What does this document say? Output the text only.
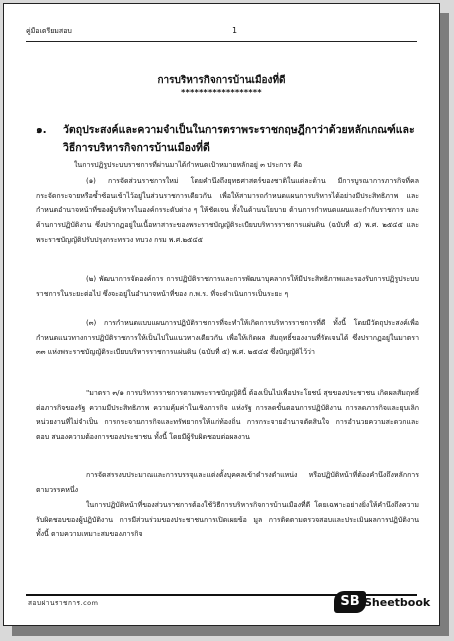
คู่มือเตรียมสอบ	1
การบริหารกิจการบ้านเมืองที่ดี
******************
๑. วัตถุประสงค์และความจำเป็นในการตราพระราชกฤษฎีกาว่าด้วยหลักเกณฑ์และวิธีการบริหารกิจการบ้านเมืองที่ดี
ในการปฏิรูประบบราชการที่ผ่านมาได้กำหนดเป้าหมายหลักอยู่ ๓ ประการ คือ
(๑) การจัดส่วนราชการใหม่ โดยคำนึงถึงยุทธศาสตร์ของชาติในแต่ละด้าน มีการบูรณาการภารกิจที่คลกระจัดกระจายหรือซ้ำซ้อนเข้าไว้อยู่ในส่วนราชการเดียวกัน เพื่อให้สามารถกำหนดแผนการบริหารได้อย่างมีประสิทธิภาพ และกำหนดอำนาจหน้าที่ของผู้บริหารในองค์กรระดับต่าง ๆ ให้ชัดเจน ทั้งในด้านนโยบาย ด้านการกำหนดแผนและกำกับราชการ และด้านการปฏิบัติงาน ซึ่งปรากฏอยู่ในเนื้อหาสาระของพระราชบัญญัติระเบียบบริหารราชการแผ่นดิน (ฉบับที่ ๕) พ.ศ. ๒๕๔๕ และพระราชบัญญัติปรับปรุงกระทรวง ทบวง กรม พ.ศ.๒๕๔๕
(๒) พัฒนาการจัดองค์การ การปฏิบัติราชการและการพัฒนาบุคลากรให้มีประสิทธิภาพและรองรับการปฏิรูประบบราชการในระยะต่อไป ซึ่งจะอยู่ในอำนาจหน้าที่ของ ก.พ.ร. ที่จะดำเนินการเป็นระยะ ๆ
(๓) การกำหนดแบบแผนการปฏิบัติราชการที่จะทำให้เกิดการบริหารราชการที่ดี ทั้งนี้ โดยมีวัตถุประสงค์เพื่อกำหนดแนวทางการปฏิบัติราชการให้เป็นไปในแนวทางเดียวกัน เพื่อให้เกิดผล สัมฤทธิ์ของงานที่รัดเจนได้ ซึ่งปรากฏอยู่ในมาตรา ๓๓ แห่งพระราชบัญญัติระเบียบบริหารราชการแผ่นดิน (ฉบับที่ ๕) พ.ศ. ๒๕๔๕ ซึ่งบัญญัติไว้ว่า
"มาตรา ๓/๑ การบริหารราชการตามพระราชบัญญัตินี้ ต้องเป็นไปเพื่อประโยชน์ สุขของประชาชน เกิดผลสัมฤทธิ์ต่อภารกิจของรัฐ ความมีประสิทธิภาพ ความคุ้มค่าในเชิงภารกิจ แห่งรัฐ การลดขั้นตอนการปฏิบัติงาน การลดภารกิจและยุบเลิกหน่วยงานที่ไม่จำเป็น การกระจายภารกิจและทรัพยากรให้แก่ท้องถิ่น การกระจายอำนาจตัดสินใจ การอำนวยความสะดวกและตอบ สนองความต้องการของประชาชน ทั้งนี้ โดยมีผู้รับผิดชอบต่อผลงาน
การจัดสรรงบประมาณและการบรรจุและแต่งตั้งบุคคลเข้าดำรงตำแหน่ง หรือปฏิบัติหน้าที่ต้องคำนึงถึงหลักการตามวรรคหนึ่ง
ในการปฏิบัติหน้าที่ของส่วนราชการต้องใช้วิธีการบริหารกิจการบ้านเมืองที่ดี โดยเฉพาะอย่างยิ่งให้คำนึงถึงความรับผิดชอบของผู้ปฏิบัติงาน การมีส่วนร่วมของประชาชนการเปิดเผยข้อ มูล การติดตามตรวจสอบและประเมินผลการปฏิบัติงาน ทั้งนี้ ตามความเหมาะสมของภารกิจ
สอบผ่านราชการ.com	SB Sheetbook
